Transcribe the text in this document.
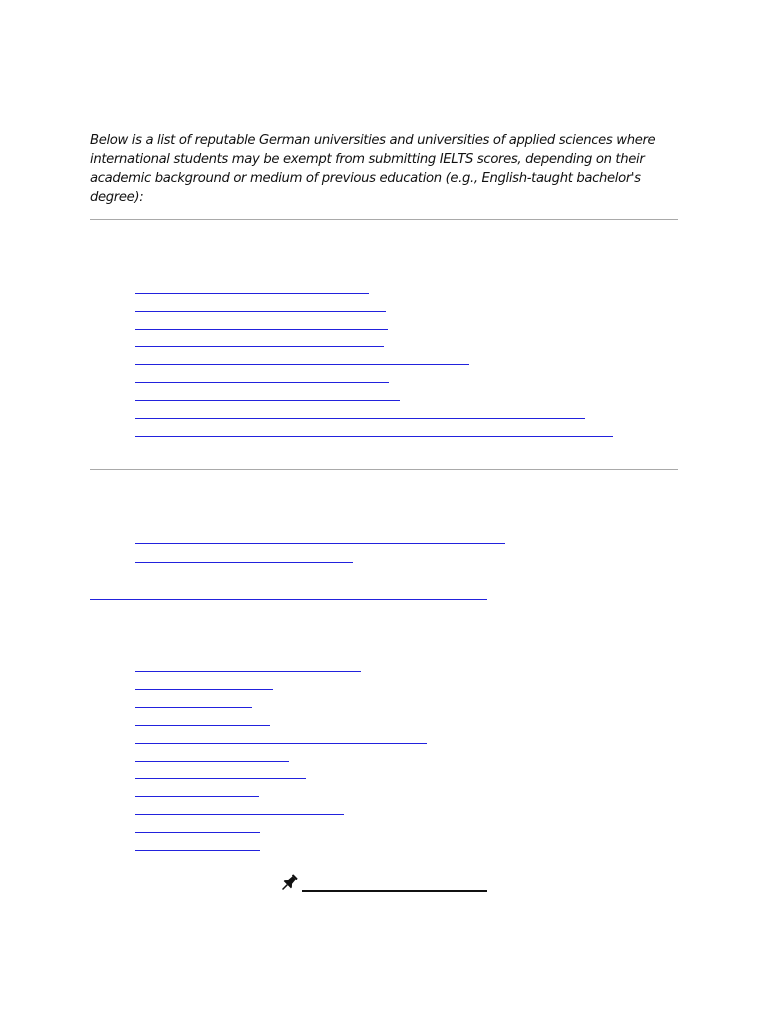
Below is a list of reputable German universities and universities of applied sciences where international students may be exempt from submitting IELTS scores, depending on their academic background or medium of previous education (e.g., English-taught bachelor's degree):
